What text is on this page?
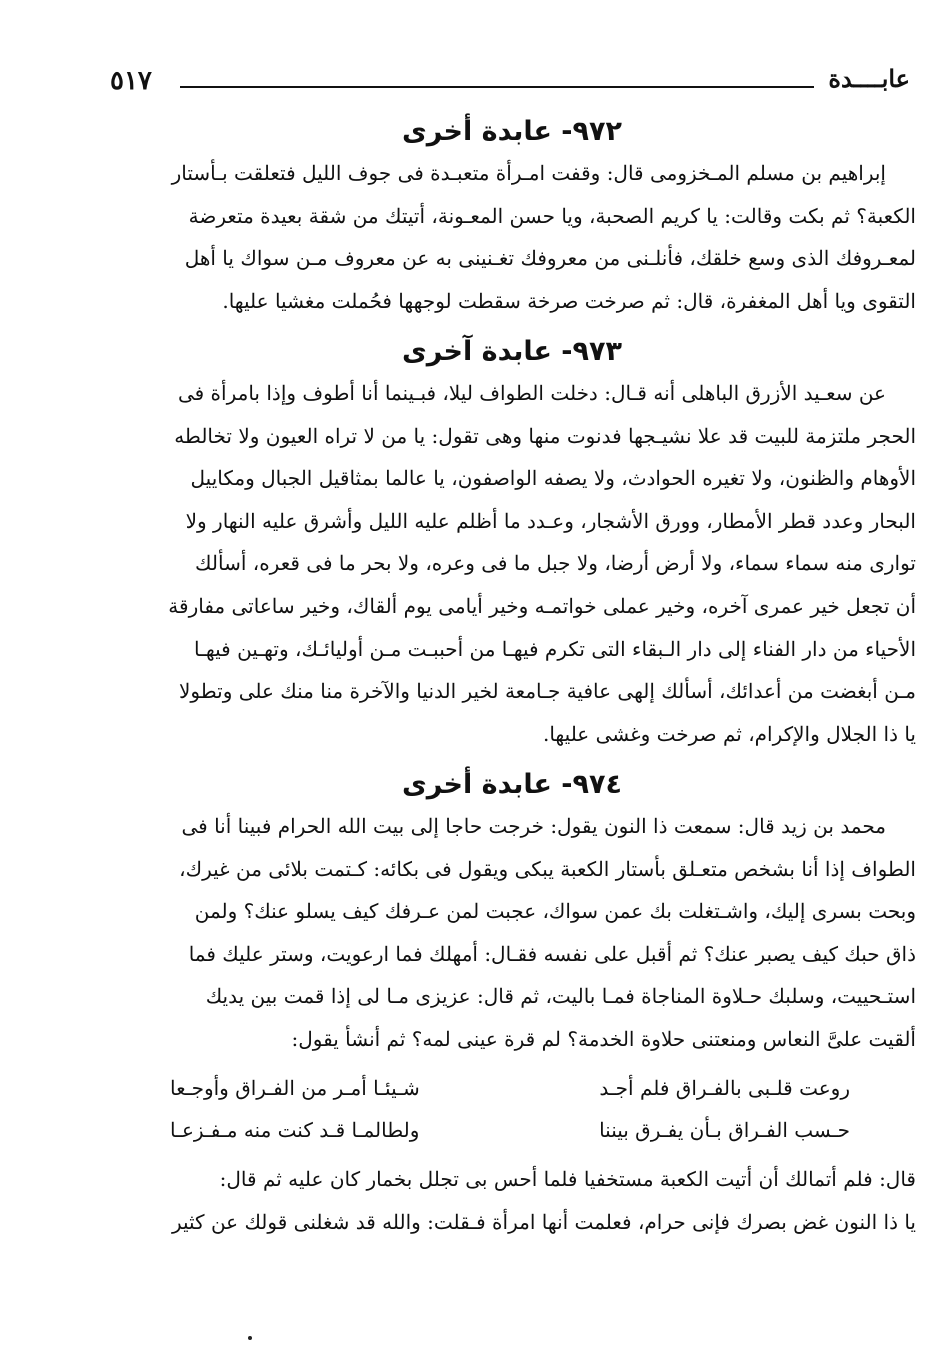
٥١٧	عابــــدة
٩٧٢- عابدة أخرى

إبراهيم بن مسلم المـخزومى قال: وقفت امـرأة متعبـدة فى جوف الليل فتعلقت بـأستار

الكعبة؟ ثم بكت وقالت: يا كريم الصحبة، ويا حسن المعـونة، أتيتك من شقة بعيدة متعرضة

لمعـروفك الذى وسع خلقك، فأنلـنى من معروفك تغـنينى به عن معروف مـن سواك يا أهل

التقوى ويا أهل المغفرة، قال: ثم صرخت صرخة سقطت لوجهها فحُملت مغشيا عليها.

٩٧٣- عابدة آخرى

عن سعـيد الأزرق الباهلى أنه قـال: دخلت الطواف ليلا، فبـينما أنا أطوف وإذا بامرأة فى

الحجر ملتزمة للبيت قد علا نشيـجها فدنوت منها وهى تقول: يا من لا تراه العيون ولا تخالطه

الأوهام والظنون، ولا تغيره الحوادث، ولا يصفه الواصفون، يا عالما بمثاقيل الجبال ومكاييل

البحار وعدد قطر الأمطار، وورق الأشجار، وعـدد ما أظلم عليه الليل وأشرق عليه النهار ولا

توارى منه سماء سماء، ولا أرض أرضا، ولا جبل ما فى وعره، ولا بحر ما فى قعره، أسألك

أن تجعل خير عمرى آخره، وخير عملى خواتمـه وخير أيامى يوم ألقاك، وخير ساعاتى مفارقة

الأحياء من دار الفناء إلى دار الـبقاء التى تكرم فيهـا من أحببـت مـن أوليائـك، وتهـين فيهـا

مـن أبغضت من أعدائك، أسألك إلهى عافية جـامعة لخير الدنيا والآخرة منا منك على وتطولا

يا ذا الجلال والإكرام، ثم صرخت وغشى عليها.

٩٧٤- عابدة أخرى

محمد بن زيد قال: سمعت ذا النون يقول: خرجت حاجا إلى بيت الله الحرام فبينا أنا فى

الطواف إذا أنا بشخص متعـلق بأستار الكعبة يبكى ويقول فى بكائه: كـتمت بلائى من غيرك،

وبحت بسرى إليك، واشـتغلت بك عمن سواك، عجبت لمن عـرفك كيف يسلو عنك؟ ولمن

ذاق حبك كيف يصبر عنك؟ ثم أقبل على نفسه فقـال: أمهلك فما ارعويت، وستر عليك فما

استـحييت، وسلبك حـلاوة المناجاة فمـا باليت، ثم قال: عزيزى مـا لى إذا قمت بين يديك

ألقيت علىَّ النعاس ومنعتنى حلاوة الخدمة؟ لم قرة عينى لمه؟ ثم أنشأ يقول:

روعت قلـبى بالفـراق فلم أجـد
شـيئـا أمـر من الفـراق وأوجـعا
حـسب الفـراق بـأن يفـرق بيننا
ولطالمـا قـد كنت منه مـفـزعـا

قال: فلم أتمالك أن أتيت الكعبة مستخفيا فلما أحس بى تجلل بخمار كان عليه ثم قال:

يا ذا النون غض بصرك فإنى حرام، فعلمت أنها امرأة فـقلت: والله قد شغلنى قولك عن كثير
